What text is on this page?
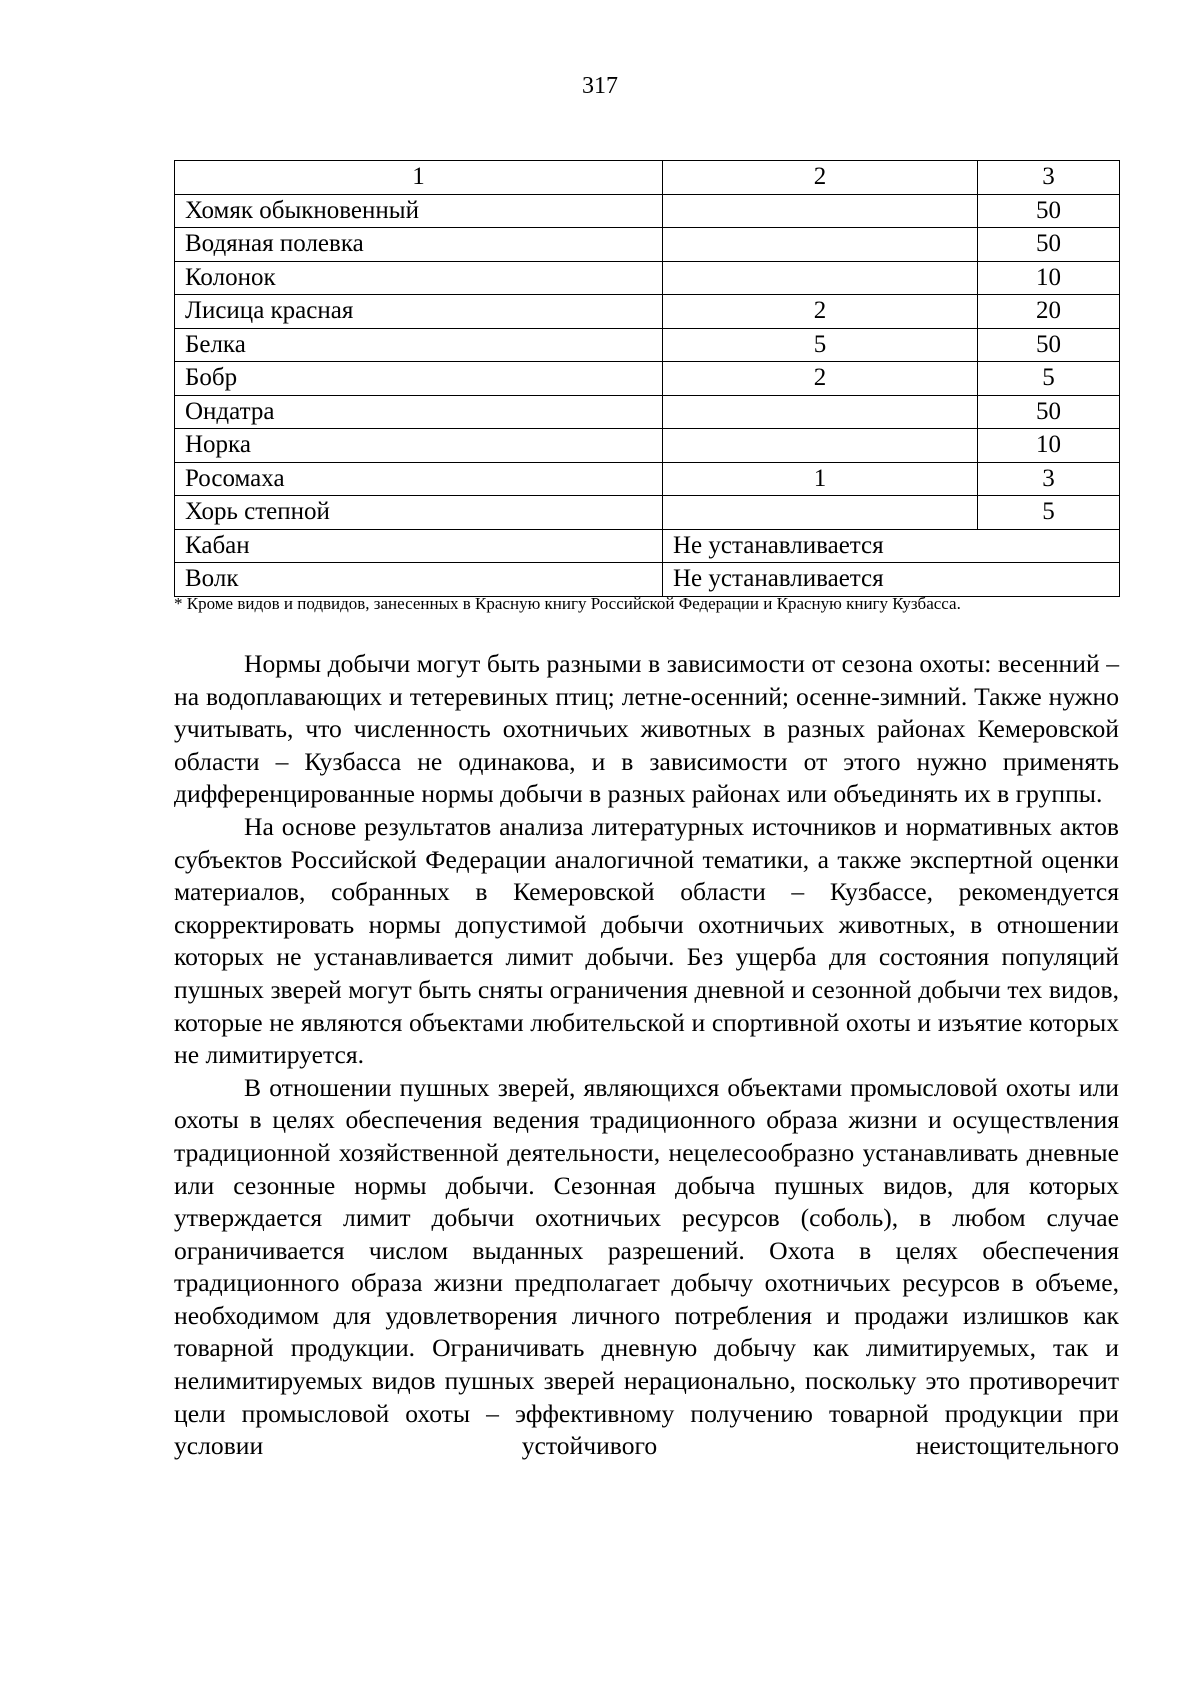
317
1	2	3
Хомяк обыкновенный		50
Водяная полевка		50
Колонок		10
Лисица красная	2	20
Белка	5	50
Бобр	2	5
Ондатра		50
Норка		10
Росомаха	1	3
Хорь степной		5
Кабан	Не устанавливается	
Волк	Не устанавливается	
* Кроме видов и подвидов, занесенных в Красную книгу Российской Федерации и Красную книгу Кузбасса.

Нормы добычи могут быть разными в зависимости от сезона охоты: весенний – на водоплавающих и тетеревиных птиц; летне-осенний; осенне-зимний. Также нужно учитывать, что численность охотничьих животных в разных районах Кемеровской области – Кузбасса не одинакова, и в зависимости от этого нужно применять дифференцированные нормы добычи в разных районах или объединять их в группы.

На основе результатов анализа литературных источников и нормативных актов субъектов Российской Федерации аналогичной тематики, а также экспертной оценки материалов, собранных в Кемеровской области – Кузбассе, рекомендуется скорректировать нормы допустимой добычи охотничьих животных, в отношении которых не устанавливается лимит добычи. Без ущерба для состояния популяций пушных зверей могут быть сняты ограничения дневной и сезонной добычи тех видов, которые не являются объектами любительской и спортивной охоты и изъятие которых не лимитируется.

В отношении пушных зверей, являющихся объектами промысловой охоты или охоты в целях обеспечения ведения традиционного образа жизни и осуществления традиционной хозяйственной деятельности, нецелесообразно устанавливать дневные или сезонные нормы добычи. Сезонная добыча пушных видов, для которых утверждается лимит добычи охотничьих ресурсов (соболь), в любом случае ограничивается числом выданных разрешений. Охота в целях обеспечения традиционного образа жизни предполагает добычу охотничьих ресурсов в объеме, необходимом для удовлетворения личного потребления и продажи излишков как товарной продукции. Ограничивать дневную добычу как лимитируемых, так и нелимитируемых видов пушных зверей нерационально, поскольку это противоречит цели промысловой охоты – эффективному получению товарной продукции при условии устойчивого неистощительного
